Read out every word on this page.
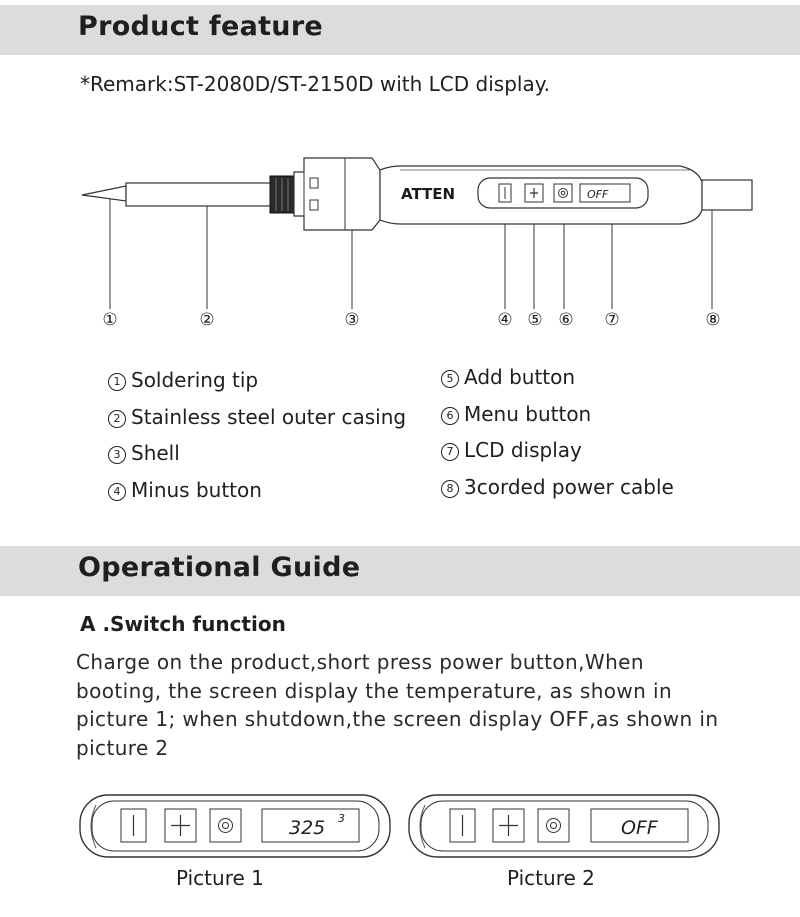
Product feature
*Remark:ST-2080D/ST-2150D with LCD display.
ATTEN	OFF
①	②	③	④ ⑤ ⑥ ⑦	⑧
1 Soldering tip
2 Stainless steel outer casing
3 Shell
4 Minus button
5 Add button
6 Menu button
7 LCD display
8 3corded power cable
Operational Guide
A .Switch function
Charge on the product,short press power button,When booting, the screen display the temperature, as shown in picture 1; when shutdown,the screen display OFF,as shown in picture 2
325 3	OFF
Picture 1	Picture 2
